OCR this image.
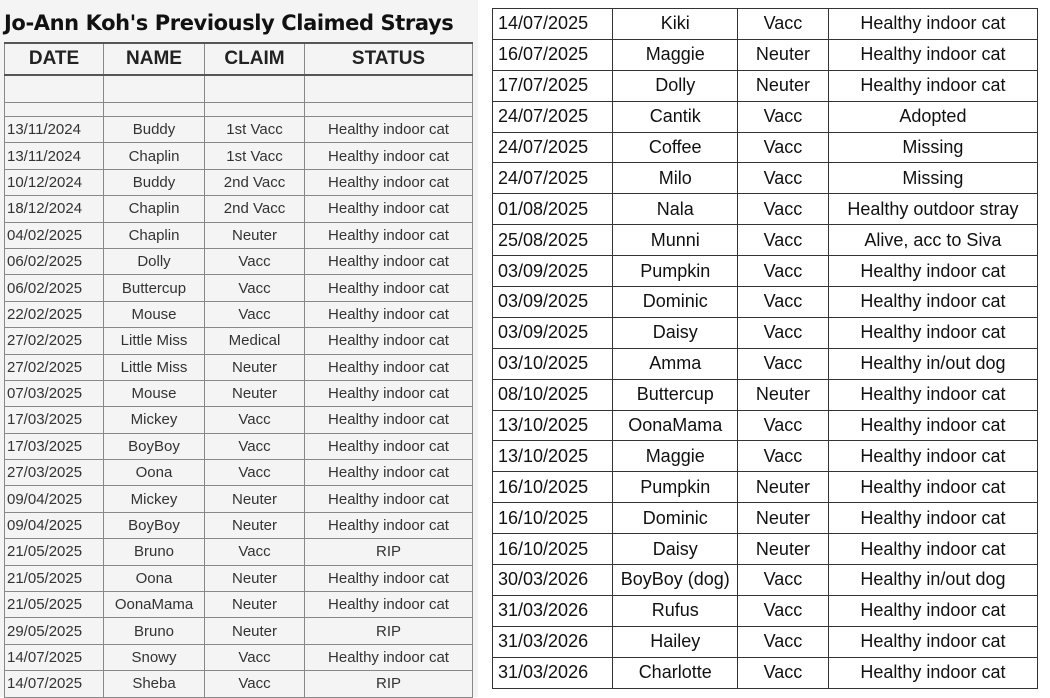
Jo-Ann Koh's Previously Claimed Strays
DATE	NAME	CLAIM	STATUS

13/11/2024	Buddy	1st Vacc	Healthy indoor cat
13/11/2024	Chaplin	1st Vacc	Healthy indoor cat
10/12/2024	Buddy	2nd Vacc	Healthy indoor cat
18/12/2024	Chaplin	2nd Vacc	Healthy indoor cat
04/02/2025	Chaplin	Neuter	Healthy indoor cat
06/02/2025	Dolly	Vacc	Healthy indoor cat
06/02/2025	Buttercup	Vacc	Healthy indoor cat
22/02/2025	Mouse	Vacc	Healthy indoor cat
27/02/2025	Little Miss	Medical	Healthy indoor cat
27/02/2025	Little Miss	Neuter	Healthy indoor cat
07/03/2025	Mouse	Neuter	Healthy indoor cat
17/03/2025	Mickey	Vacc	Healthy indoor cat
17/03/2025	BoyBoy	Vacc	Healthy indoor cat
27/03/2025	Oona	Vacc	Healthy indoor cat
09/04/2025	Mickey	Neuter	Healthy indoor cat
09/04/2025	BoyBoy	Neuter	Healthy indoor cat
21/05/2025	Bruno	Vacc	RIP
21/05/2025	Oona	Neuter	Healthy indoor cat
21/05/2025	OonaMama	Neuter	Healthy indoor cat
29/05/2025	Bruno	Neuter	RIP
14/07/2025	Snowy	Vacc	Healthy indoor cat
14/07/2025	Sheba	Vacc	RIP
14/07/2025	Kiki	Vacc	Healthy indoor cat
16/07/2025	Maggie	Neuter	Healthy indoor cat
17/07/2025	Dolly	Neuter	Healthy indoor cat
24/07/2025	Cantik	Vacc	Adopted
24/07/2025	Coffee	Vacc	Missing
24/07/2025	Milo	Vacc	Missing
01/08/2025	Nala	Vacc	Healthy outdoor stray
25/08/2025	Munni	Vacc	Alive, acc to Siva
03/09/2025	Pumpkin	Vacc	Healthy indoor cat
03/09/2025	Dominic	Vacc	Healthy indoor cat
03/09/2025	Daisy	Vacc	Healthy indoor cat
03/10/2025	Amma	Vacc	Healthy in/out dog
08/10/2025	Buttercup	Neuter	Healthy indoor cat
13/10/2025	OonaMama	Vacc	Healthy indoor cat
13/10/2025	Maggie	Vacc	Healthy indoor cat
16/10/2025	Pumpkin	Neuter	Healthy indoor cat
16/10/2025	Dominic	Neuter	Healthy indoor cat
16/10/2025	Daisy	Neuter	Healthy indoor cat
30/03/2026	BoyBoy (dog)	Vacc	Healthy in/out dog
31/03/2026	Rufus	Vacc	Healthy indoor cat
31/03/2026	Hailey	Vacc	Healthy indoor cat
31/03/2026	Charlotte	Vacc	Healthy indoor cat
